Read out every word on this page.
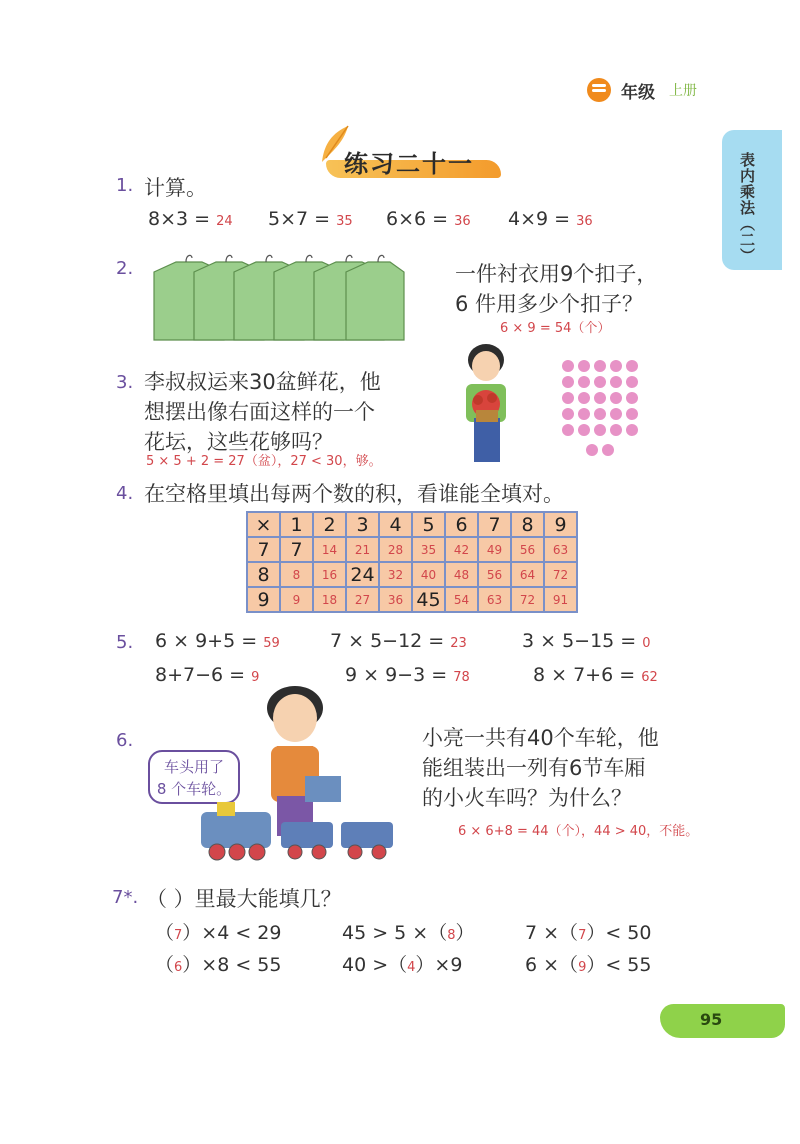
年级 上册
表内乘法（二）
练习二十一
1. 计算。
8×3 = 24 5×7 = 35 6×6 = 36 4×9 = 36
2.	一件衬衣用9个扣子，
6 件用多少个扣子？
6 × 9 = 54（个）
3. 李叔叔运来30盆鲜花，他
想摆出像右面这样的一个
花坛，这些花够吗？
5 × 5 + 2 = 27（盆），27 < 30，够。
4. 在空格里填出每两个数的积，看谁能全填对。
×	1	2	3	4	5	6	7	8	9
7	7	14	21	28	35	42	49	56	63
8	8	16	24	32	40	48	56	64	72
9	9	18	27	36	45	54	63	72	91
5. 6 × 9+5 = 59	7 × 5−12 = 23	3 × 5−15 = 0
8+7−6 = 9	9 × 9−3 = 78	8 × 7+6 = 62
6.
车头用了
8 个车轮。
小亮一共有40个车轮，他
能组装出一列有6节车厢
的小火车吗？为什么？
6 × 6+8 = 44（个），44 > 40，不能。
7*. （ ）里最大能填几？
（7）×4 < 29	45 > 5 ×（8）	7 ×（7）< 50
（6）×8 < 55	40 >（4）×9	6 ×（9）< 55
95
